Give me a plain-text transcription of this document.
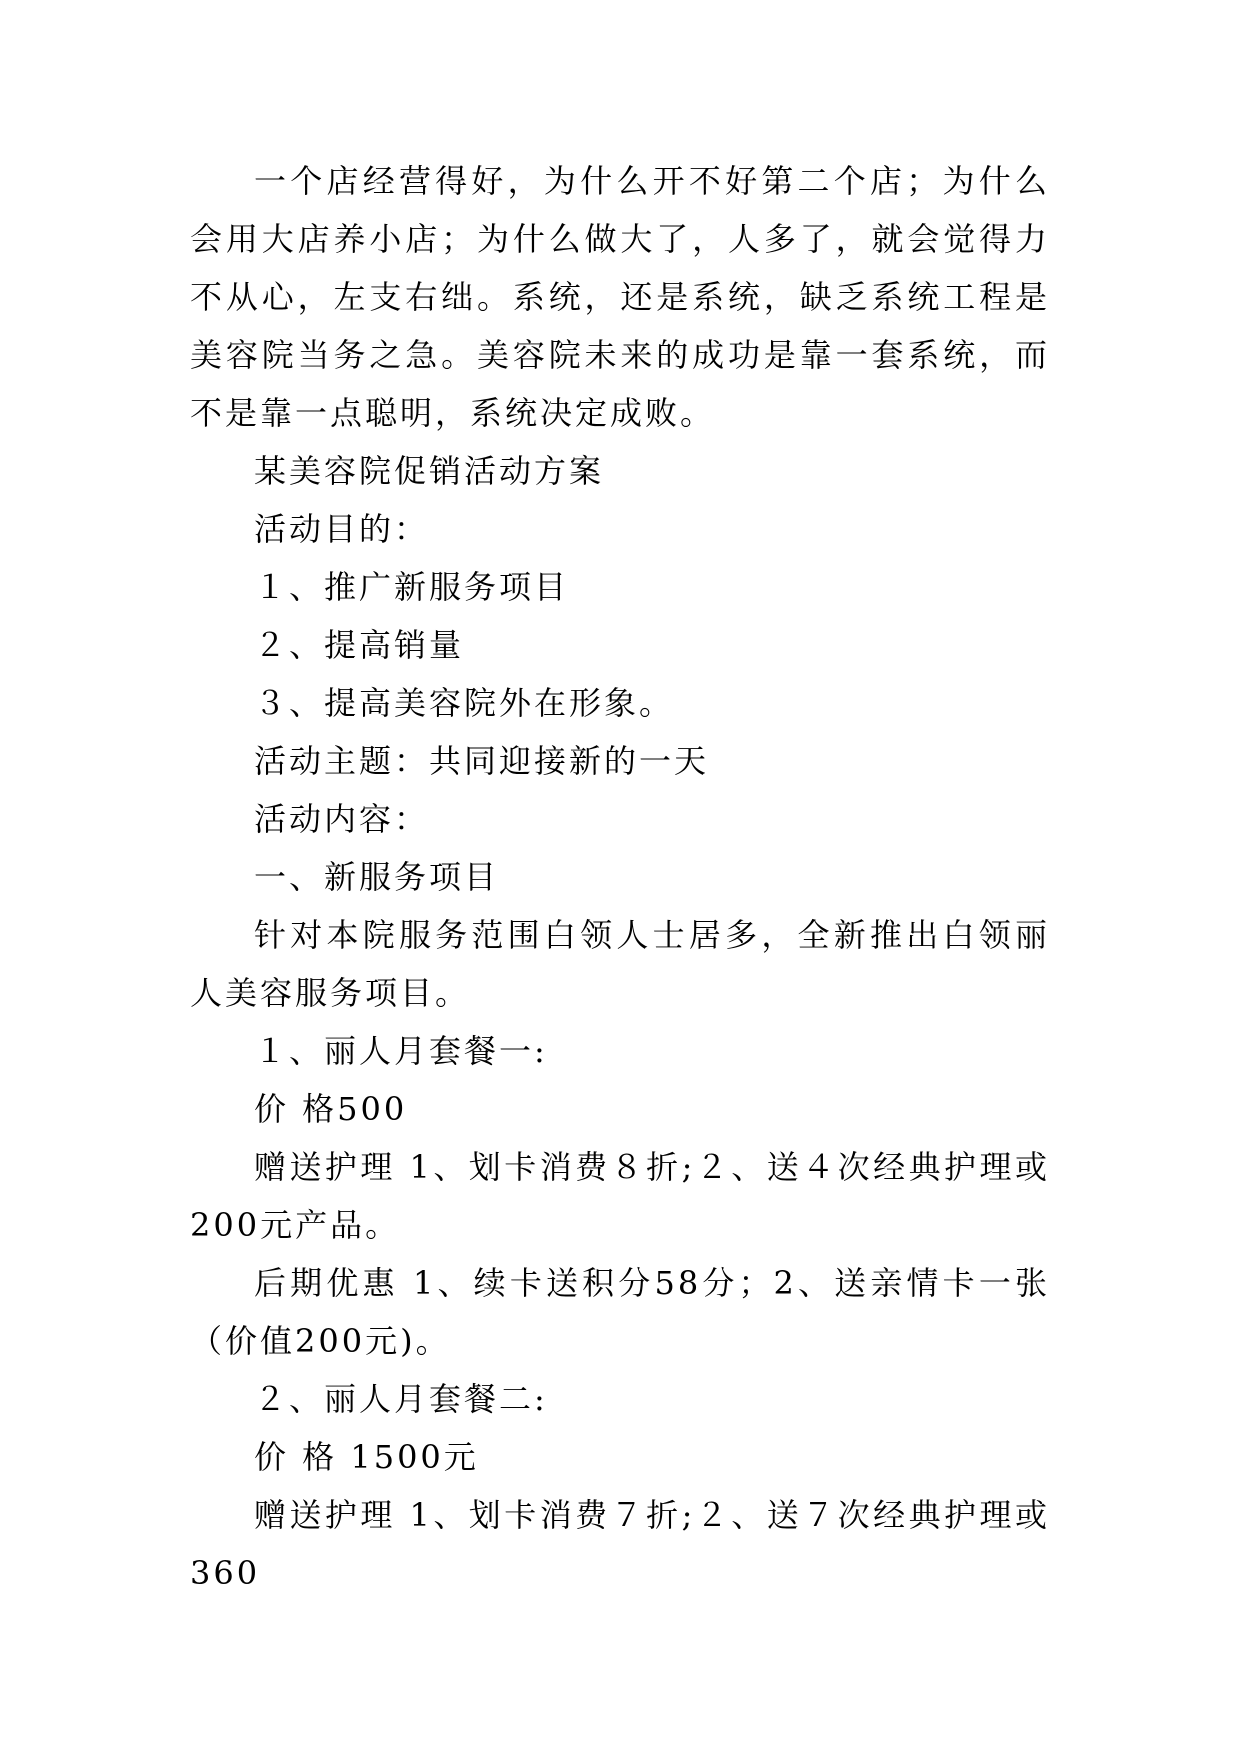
一个店经营得好，为什么开不好第二个店；为什么会用大店养小店；为什么做大了，人多了，就会觉得力不从心，左支右绌。系统，还是系统，缺乏系统工程是美容院当务之急。美容院未来的成功是靠一套系统，而不是靠一点聪明，系统决定成败。

某美容院促销活动方案

活动目的：

１、推广新服务项目

２、提高销量

３、提高美容院外在形象。

活动主题：共同迎接新的一天

活动内容：

一、新服务项目

针对本院服务范围白领人士居多，全新推出白领丽人美容服务项目。

１、丽人月套餐一:

价 格500

赠送护理 1、划卡消费８折;２、送４次经典护理或200元产品。

后期优惠 1、续卡送积分58分；2、送亲情卡一张（价值200元)。

２、丽人月套餐二:

价 格 1500元

赠送护理 1、划卡消费７折;２、送７次经典护理或360
